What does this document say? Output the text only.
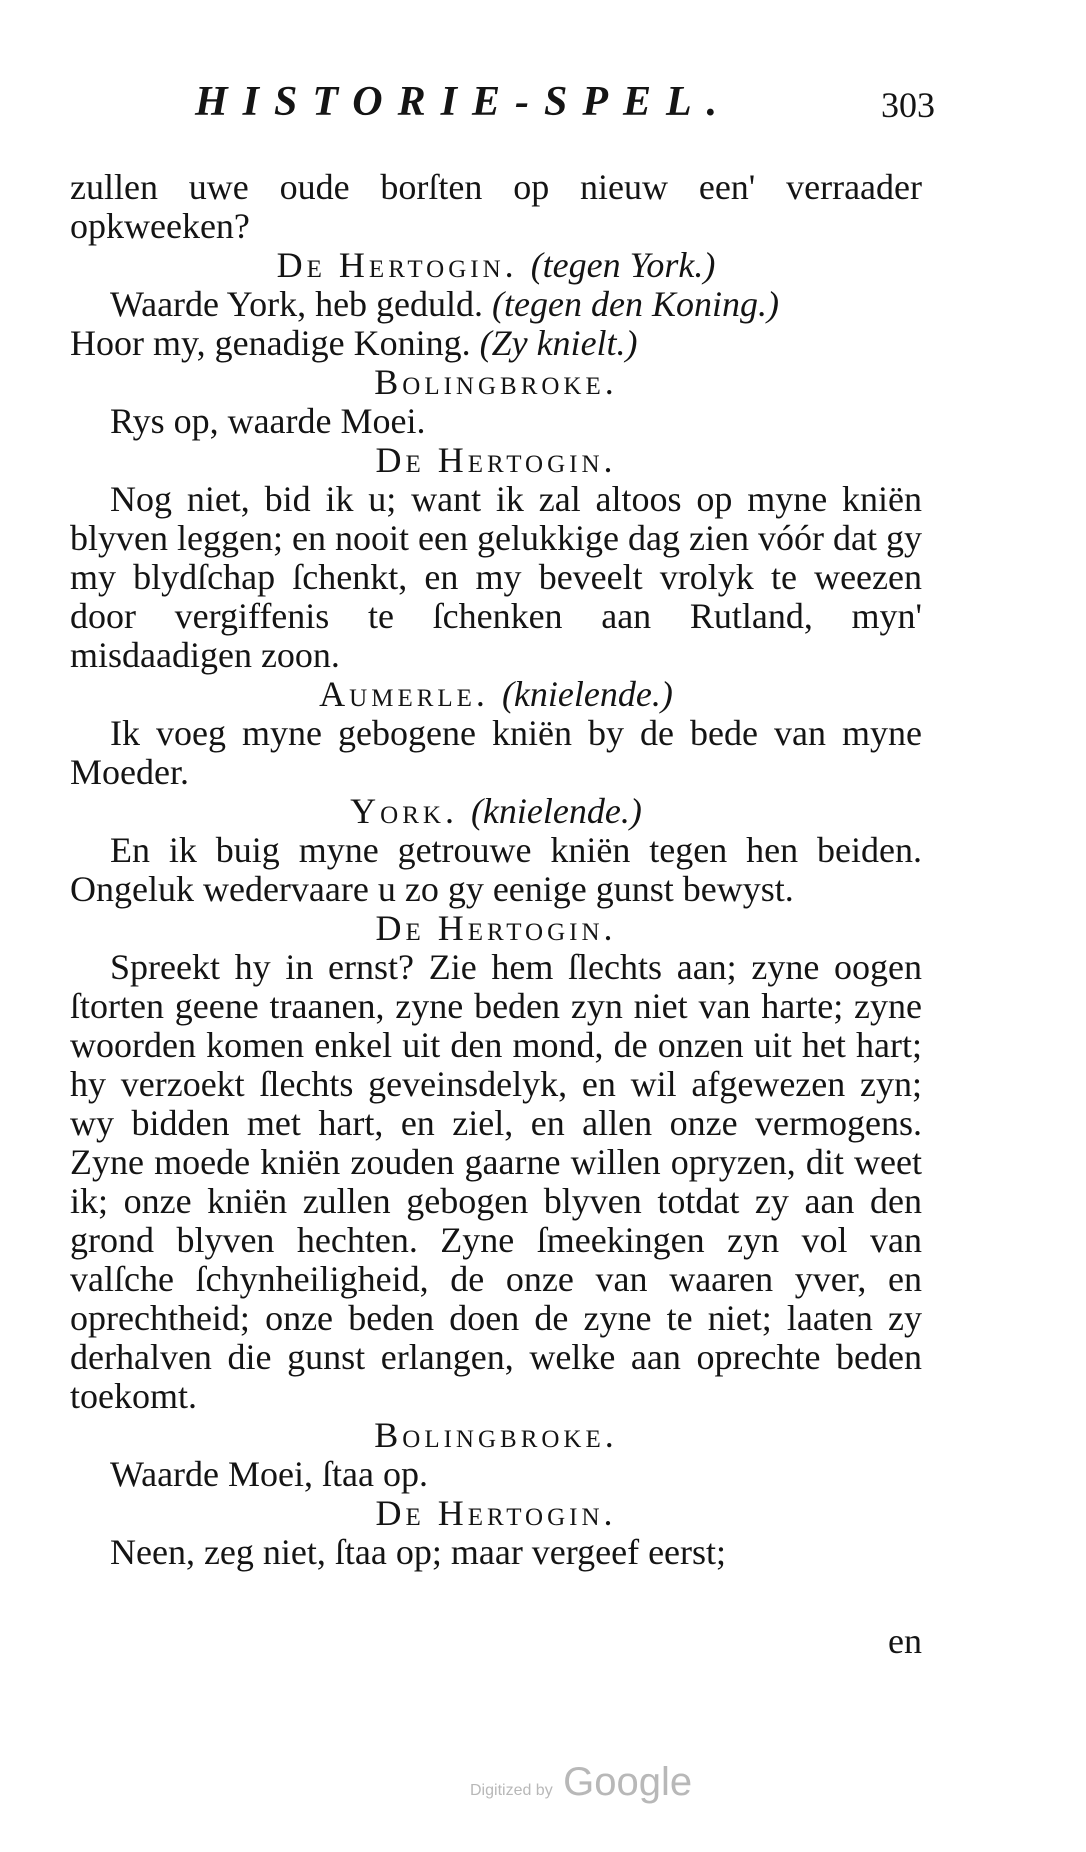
HISTORIE-SPEL.	303

zullen uwe oude borſten op nieuw een' verraader opkweeken?

De Hertogin. (tegen York.)

Waarde York, heb geduld. (tegen den Koning.)
Hoor my, genadige Koning. (Zy knielt.)

Bolingbroke.

Rys op, waarde Moei.

De Hertogin.

Nog niet, bid ik u; want ik zal altoos op myne kniën blyven leggen; en nooit een gelukkige dag zien vóór dat gy my blydſchap ſchenkt, en my beveelt vrolyk te weezen door vergiffenis te ſchenken aan Rutland, myn' misdaadigen zoon.

Aumerle. (knielende.)

Ik voeg myne gebogene kniën by de bede van myne Moeder.

York. (knielende.)

En ik buig myne getrouwe kniën tegen hen beiden. Ongeluk wedervaare u zo gy eenige gunst bewyst.

De Hertogin.

Spreekt hy in ernst? Zie hem ſlechts aan; zyne oogen ſtorten geene traanen, zyne beden zyn niet van harte; zyne woorden komen enkel uit den mond, de onzen uit het hart; hy verzoekt ſlechts geveinsdelyk, en wil afgewezen zyn; wy bidden met hart, en ziel, en allen onze vermogens. Zyne moede kniën zouden gaarne willen opryzen, dit weet ik; onze kniën zullen gebogen blyven totdat zy aan den grond blyven hechten. Zyne ſmeekingen zyn vol van valſche ſchynheiligheid, de onze van waaren yver, en oprechtheid; onze beden doen de zyne te niet; laaten zy derhalven die gunst erlangen, welke aan oprechte beden toekomt.

Bolingbroke.

Waarde Moei, ſtaa op.

De Hertogin.

Neen, zeg niet, ſtaa op; maar vergeef eerst;

en
Digitized by Google
